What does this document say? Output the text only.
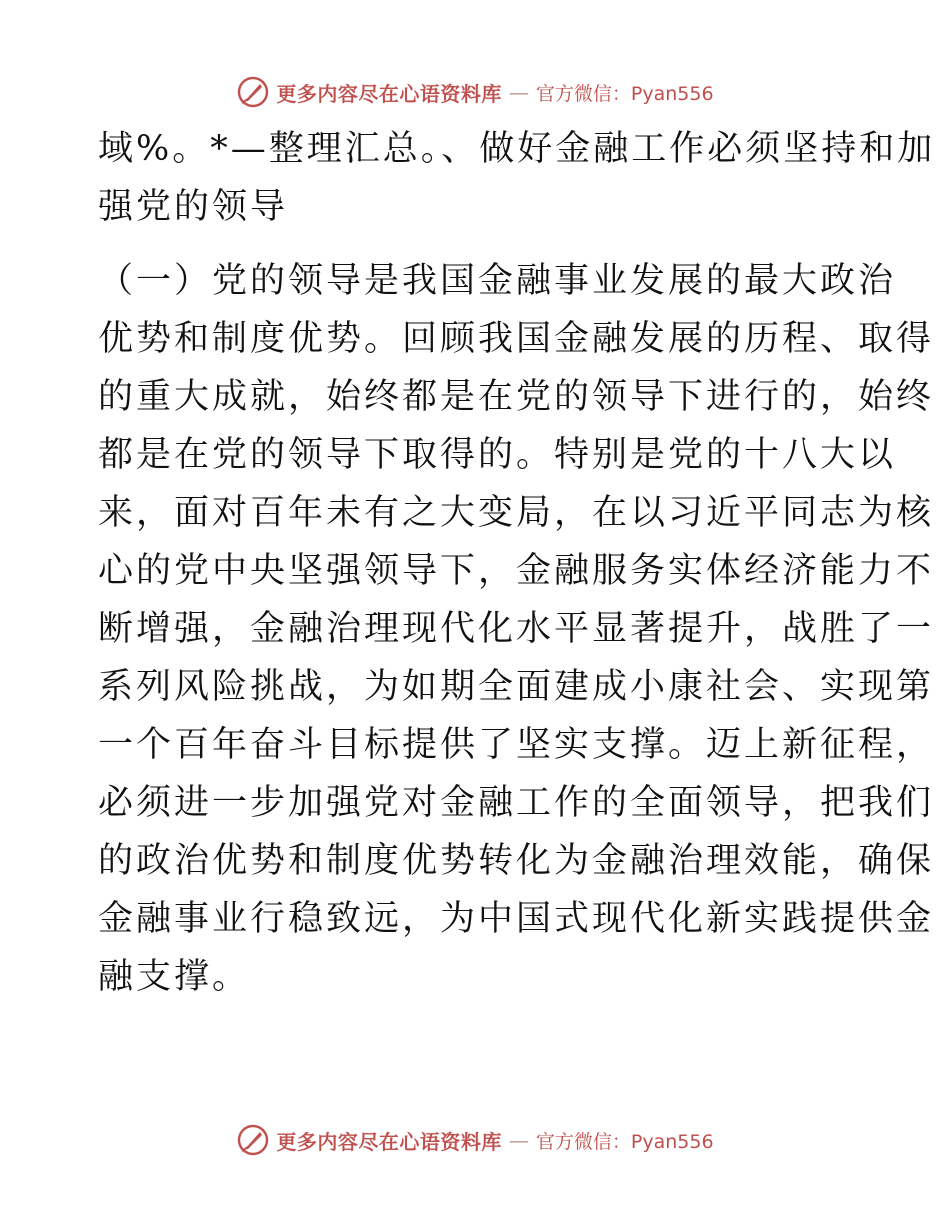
更多内容尽在心语资料库 — 官方微信：Pyan556
域%。*—整理汇总。、做好金融工作必须坚持和加
强党的领导
（一）党的领导是我国金融事业发展的最大政治
优势和制度优势。回顾我国金融发展的历程、取得
的重大成就，始终都是在党的领导下进行的，始终
都是在党的领导下取得的。特别是党的十八大以
来，面对百年未有之大变局，在以习近平同志为核
心的党中央坚强领导下，金融服务实体经济能力不
断增强，金融治理现代化水平显著提升，战胜了一
系列风险挑战，为如期全面建成小康社会、实现第
一个百年奋斗目标提供了坚实支撑。迈上新征程，
必须进一步加强党对金融工作的全面领导，把我们
的政治优势和制度优势转化为金融治理效能，确保
金融事业行稳致远，为中国式现代化新实践提供金
融支撑。
更多内容尽在心语资料库 — 官方微信：Pyan556
